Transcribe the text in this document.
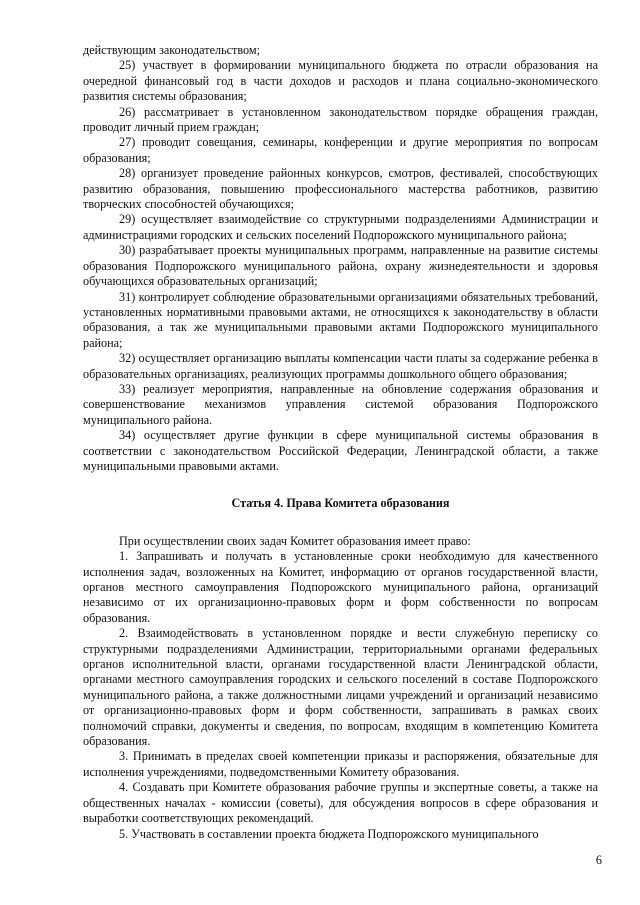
действующим законодательством;

25) участвует в формировании муниципального бюджета по отрасли образования на очередной финансовый год в части доходов и расходов и плана социально-экономического развития системы образования;

26) рассматривает в установленном законодательством порядке обращения граждан, проводит личный прием граждан;

27) проводит совещания, семинары, конференции и другие мероприятия по вопросам образования;

28) организует проведение районных конкурсов, смотров, фестивалей, способствующих развитию образования, повышению профессионального мастерства работников, развитию творческих способностей обучающихся;

29) осуществляет взаимодействие со структурными подразделениями Администрации и администрациями городских и сельских поселений Подпорожского муниципального района;

30) разрабатывает проекты муниципальных программ, направленные на развитие системы образования Подпорожского муниципального района, охрану жизнедеятельности и здоровья обучающихся образовательных организаций;

31) контролирует соблюдение образовательными организациями обязательных требований, установленных нормативными правовыми актами, не относящихся к законодательству в области образования, а так же муниципальными правовыми актами Подпорожского муниципального района;

32) осуществляет организацию выплаты компенсации части платы за содержание ребенка в образовательных организациях, реализующих программы дошкольного общего образования;

33) реализует мероприятия, направленные на обновление содержания образования и совершенствование механизмов управления системой образования Подпорожского муниципального района.

34) осуществляет другие функции в сфере муниципальной системы образования в соответствии с законодательством Российской Федерации, Ленинградской области, а также муниципальными правовыми актами.

Статья 4. Права Комитета образования

При осуществлении своих задач Комитет образования имеет право:

1. Запрашивать и получать в установленные сроки необходимую для качественного исполнения задач, возложенных на Комитет, информацию от органов государственной власти, органов местного самоуправления Подпорожского муниципального района, организаций независимо от их организационно-правовых форм и форм собственности по вопросам образования.

2. Взаимодействовать в установленном порядке и вести служебную переписку со структурными подразделениями Администрации, территориальными органами федеральных органов исполнительной власти, органами государственной власти Ленинградской области, органами местного самоуправления городских и сельского поселений в составе Подпорожского муниципального района, а также должностными лицами учреждений и организаций независимо от организационно-правовых форм и форм собственности, запрашивать в рамках своих полномочий справки, документы и сведения, по вопросам, входящим в компетенцию Комитета образования.

3. Принимать в пределах своей компетенции приказы и распоряжения, обязательные для исполнения учреждениями, подведомственными Комитету образования.

4. Создавать при Комитете образования рабочие группы и экспертные советы, а также на общественных началах - комиссии (советы), для обсуждения вопросов в сфере образования и выработки соответствующих рекомендаций.

5. Участвовать в составлении проекта бюджета Подпорожского муниципального

6
